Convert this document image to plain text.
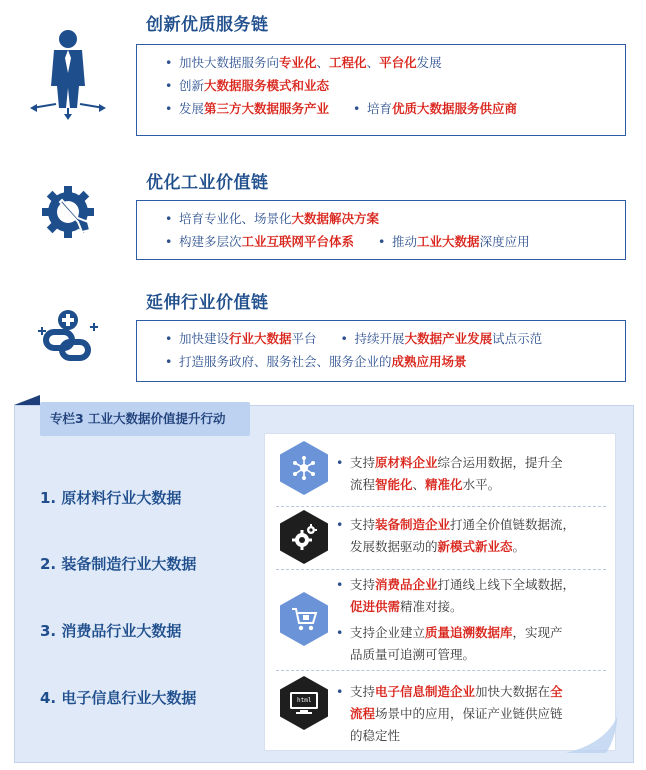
创新优质服务链
• 加快大数据服务向专业化、工程化、平台化发展
• 创新大数据服务模式和业态
• 发展第三方大数据服务产业 • 培育优质大数据服务供应商
优化工业价值链
• 培育专业化、场景化大数据解决方案
• 构建多层次工业互联网平台体系 • 推动工业大数据深度应用
延伸行业价值链
• 加快建设行业大数据平台 • 持续开展大数据产业发展试点示范
• 打造服务政府、服务社会、服务企业的成熟应用场景
专栏3 工业大数据价值提升行动
1. 原材料行业大数据
2. 装备制造行业大数据
3. 消费品行业大数据
4. 电子信息行业大数据
• 支持原材料企业综合运用数据，提升全
流程智能化、精准化水平。
• 支持装备制造企业打通全价值链数据流，
发展数据驱动的新模式新业态。
• 支持消费品企业打通线上线下全域数据，
促进供需精准对接。
• 支持企业建立质量追溯数据库，实现产
品质量可追溯可管理。
html
• 支持电子信息制造企业加快大数据在全
流程场景中的应用，保证产业链供应链
的稳定性
